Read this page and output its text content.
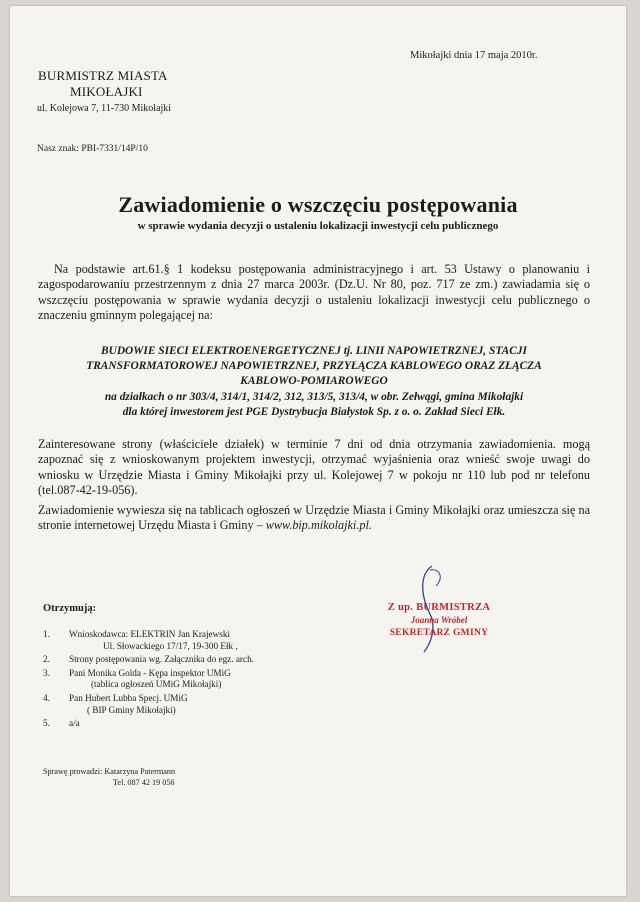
Mikołajki dnia 17 maja 2010r.
BURMISTRZ MIASTA
MIKOŁAJKI
ul. Kolejowa 7, 11-730 Mikołajki
Nasz znak: PBI-7331/14P/10
Zawiadomienie o wszczęciu postępowania
w sprawie wydania decyzji o ustaleniu lokalizacji inwestycji celu publicznego
Na podstawie art.61.§ 1 kodeksu postępowania administracyjnego i art. 53 Ustawy o planowaniu i zagospodarowaniu przestrzennym z dnia 27 marca 2003r. (Dz.U. Nr 80, poz. 717 ze zm.) zawiadamia się o wszczęciu postępowania w sprawie wydania decyzji o ustaleniu lokalizacji inwestycji celu publicznego o znaczeniu gminnym polegającej na:
BUDOWIE SIECI ELEKTROENERGETYCZNEJ tj. LINII NAPOWIETRZNEJ, STACJI
TRANSFORMATOROWEJ NAPOWIETRZNEJ, PRZYŁĄCZA KABLOWEGO ORAZ ZŁĄCZA
KABLOWO-POMIAROWEGO
na działkach o nr 303/4, 314/1, 314/2, 312, 313/5, 313/4, w obr. Zełwągi, gmina Mikołajki
dla której inwestorem jest PGE Dystrybucja Białystok Sp. z o. o. Zakład Sieci Ełk.
Zainteresowane strony (właściciele działek) w terminie 7 dni od dnia otrzymania zawiadomienia. mogą zapoznać się z wnioskowanym projektem inwestycji, otrzymać wyjaśnienia oraz wnieść swoje uwagi do wniosku w Urzędzie Miasta i Gminy Mikołajki przy ul. Kolejowej 7 w pokoju nr 110 lub pod nr telefonu (tel.087-42-19-056).
Zawiadomienie wywiesza się na tablicach ogłoszeń w Urzędzie Miasta i Gminy Mikołajki oraz umieszcza się na stronie internetowej Urzędu Miasta i Gminy – www.bip.mikolajki.pl.
Z up. BURMISTRZA
Joanna Wróbel
SEKRETARZ GMINY
Otrzymują:
1.	Wnioskodawca: ELEKTRIN Jan Krajewski
Ul. Słowackiego 17/17, 19-300 Ełk ,
2.	Strony postępowania wg. Załącznika do egz. arch.
3.	Pani Monika Golda - Kępa inspektor UMiG
(tablica ogłoszeń UMiG Mikołajki)
4.	Pan Hubert Lubba Specj. UMiG
( BIP Gminy Mikołajki)
5.	a/a
Sprawę prowadzi: Katarzyna Patermann
Tel. 087 42 19 056
